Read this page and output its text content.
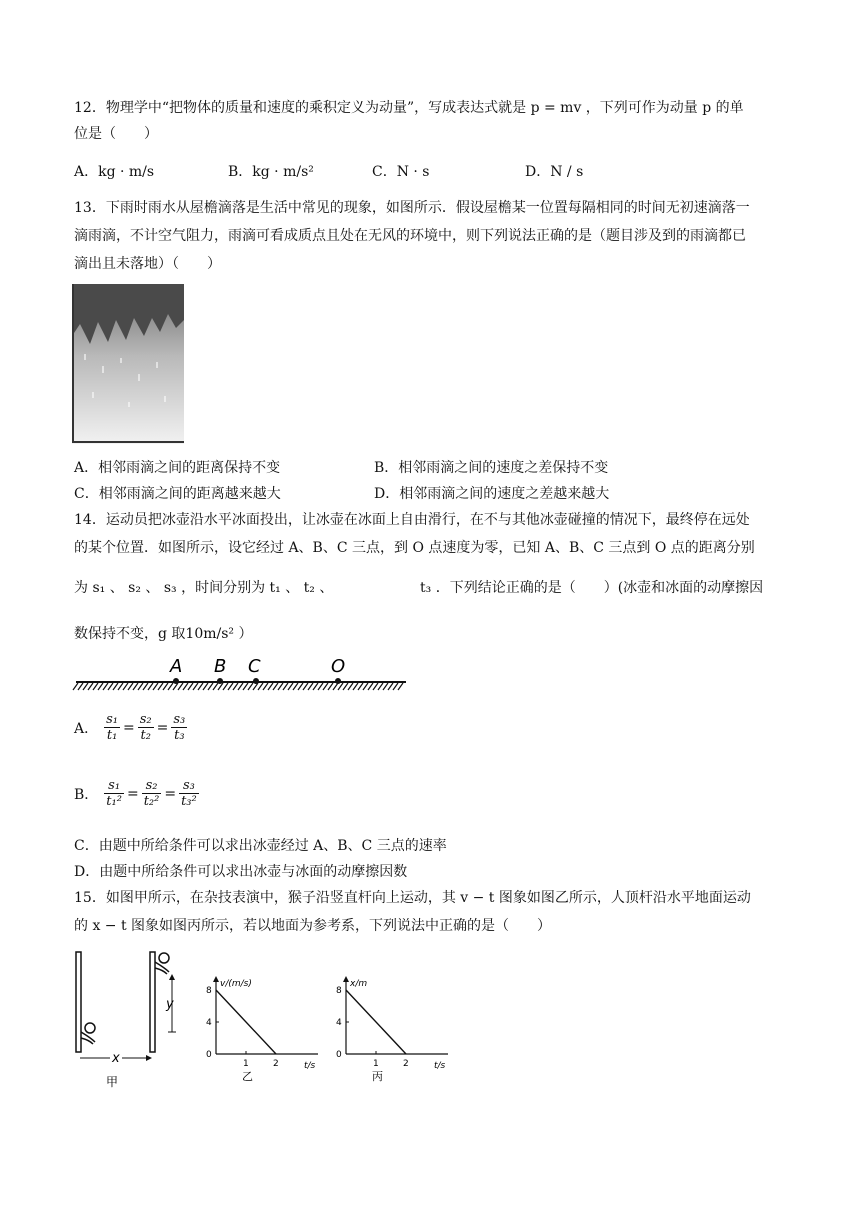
12．物理学中“把物体的质量和速度的乘积定义为动量”，写成表达式就是 p = mv ，下列可作为动量 p 的单
位是（　　）
A．kg · m/s	B．kg · m/s²	C．N · s	D．N / s
13．下雨时雨水从屋檐滴落是生活中常见的现象，如图所示．假设屋檐某一位置每隔相同的时间无初速滴落一
滴雨滴，不计空气阻力，雨滴可看成质点且处在无风的环境中，则下列说法正确的是（题目涉及到的雨滴都已
滴出且未落地）（　　）
A．相邻雨滴之间的距离保持不变	B．相邻雨滴之间的速度之差保持不变
C．相邻雨滴之间的距离越来越大	D．相邻雨滴之间的速度之差越来越大
14．运动员把冰壶沿水平冰面投出，让冰壶在冰面上自由滑行，在不与其他冰壶碰撞的情况下，最终停在远处
的某个位置．如图所示，设它经过 A、B、C 三点，到 O 点速度为零，已知 A、B、C 三点到 O 点的距离分别
为 s₁ 、 s₂ 、 s₃ ，时间分别为 t₁ 、 t₂ 、	t₃ ．下列结论正确的是（　　）(冰壶和冰面的动摩擦因
数保持不变，g 取10m/s² ）
A B C	O
A． $\frac{\text{s₁}}{\text{t₁}} = \frac{\text{s₂}}{\text{t₂}} = \frac{\text{s₃}}{\text{t₃}}$
B． $\frac{\text{s₁}}{\text{t₁²}} = \frac{\text{s₂}}{\text{t₂²}} = \frac{\text{s₃}}{\text{t₃²}}$
C．由题中所给条件可以求出冰壶经过 A、B、C 三点的速率
D．由题中所给条件可以求出冰壶与冰面的动摩擦因数
15．如图甲所示，在杂技表演中，猴子沿竖直杆向上运动，其 v − t 图象如图乙所示，人顶杆沿水平地面运动
的 x − t 图象如图丙所示，若以地面为参考系，下列说法中正确的是（　　）
y
x
甲
v/(m/s)
t/s
8
4
0
1	2
乙
x/m
t/s
8
4
0
1	2
丙
